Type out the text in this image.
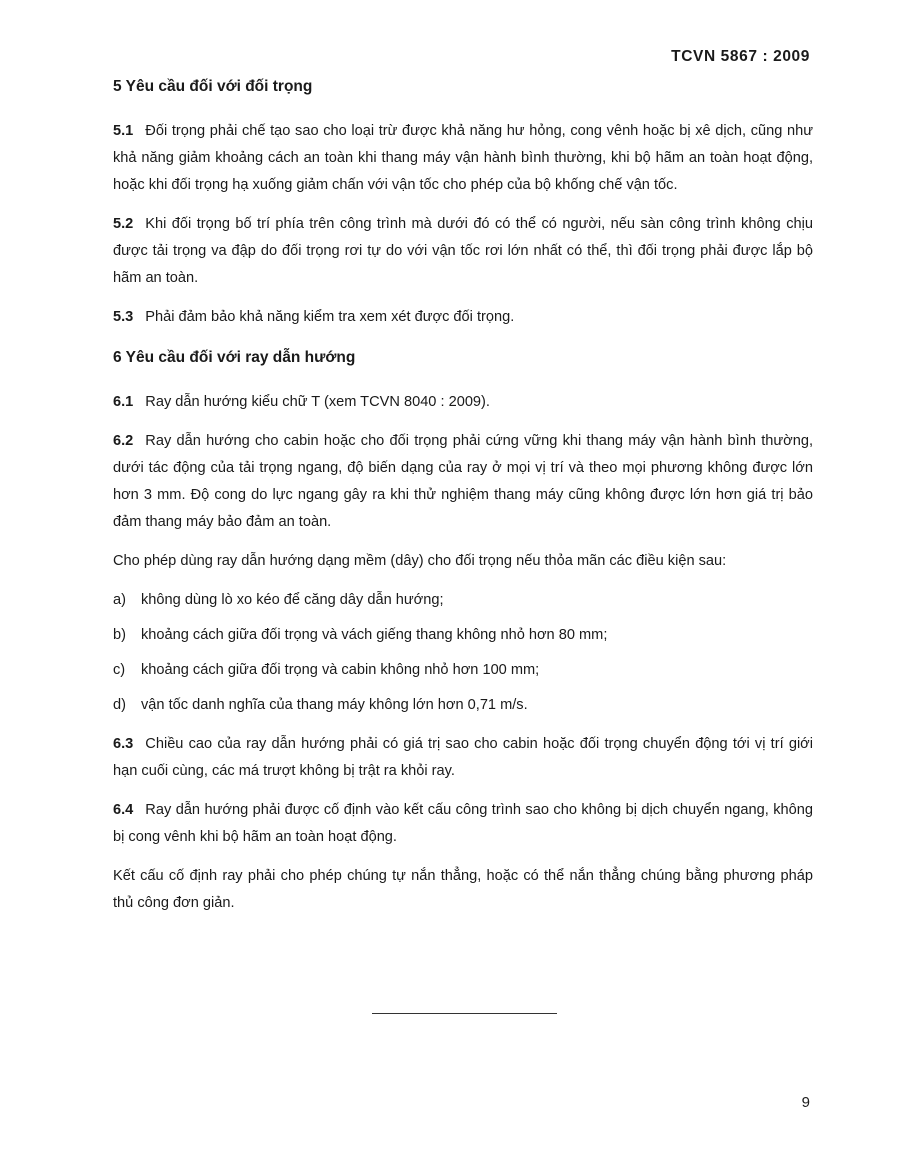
TCVN 5867 : 2009
5 Yêu cầu đối với đối trọng

5.1 Đối trọng phải chế tạo sao cho loại trừ được khả năng hư hỏng, cong vênh hoặc bị xê dịch, cũng như khả năng giảm khoảng cách an toàn khi thang máy vận hành bình thường, khi bộ hãm an toàn hoạt động, hoặc khi đối trọng hạ xuống giảm chấn với vận tốc cho phép của bộ khống chế vận tốc.

5.2 Khi đối trọng bố trí phía trên công trình mà dưới đó có thể có người, nếu sàn công trình không chịu được tải trọng va đập do đối trọng rơi tự do với vận tốc rơi lớn nhất có thể, thì đối trọng phải được lắp bộ hãm an toàn.

5.3 Phải đảm bảo khả năng kiểm tra xem xét được đối trọng.

6 Yêu cầu đối với ray dẫn hướng

6.1 Ray dẫn hướng kiểu chữ T (xem TCVN 8040 : 2009).

6.2 Ray dẫn hướng cho cabin hoặc cho đối trọng phải cứng vững khi thang máy vận hành bình thường, dưới tác động của tải trọng ngang, độ biến dạng của ray ở mọi vị trí và theo mọi phương không được lớn hơn 3 mm. Độ cong do lực ngang gây ra khi thử nghiệm thang máy cũng không được lớn hơn giá trị bảo đảm thang máy bảo đảm an toàn.

Cho phép dùng ray dẫn hướng dạng mềm (dây) cho đối trọng nếu thỏa mãn các điều kiện sau:

a) không dùng lò xo kéo để căng dây dẫn hướng;
b) khoảng cách giữa đối trọng và vách giếng thang không nhỏ hơn 80 mm;
c) khoảng cách giữa đối trọng và cabin không nhỏ hơn 100 mm;
d) vận tốc danh nghĩa của thang máy không lớn hơn 0,71 m/s.

6.3 Chiều cao của ray dẫn hướng phải có giá trị sao cho cabin hoặc đối trọng chuyển động tới vị trí giới hạn cuối cùng, các má trượt không bị trật ra khỏi ray.

6.4 Ray dẫn hướng phải được cố định vào kết cấu công trình sao cho không bị dịch chuyển ngang, không bị cong vênh khi bộ hãm an toàn hoạt động.

Kết cấu cố định ray phải cho phép chúng tự nắn thẳng, hoặc có thể nắn thẳng chúng bằng phương pháp thủ công đơn giản.

9
